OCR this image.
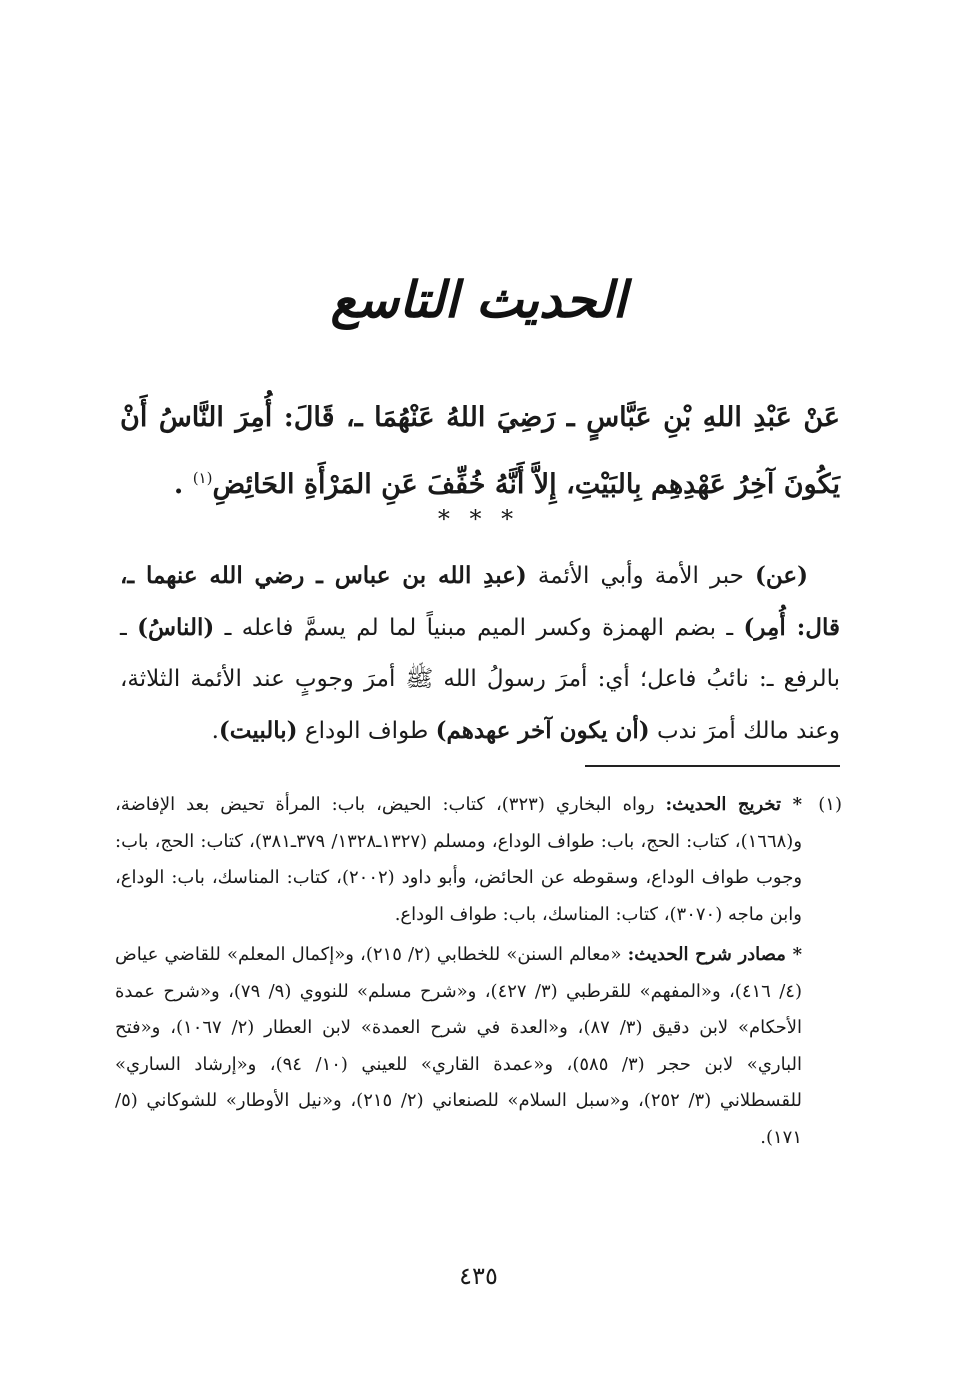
الحديث التاسع
عَنْ عَبْدِ اللهِ بْنِ عَبَّاسٍ ـ رَضِيَ اللهُ عَنْهُمَا ـ، قَالَ: أُمِرَ النَّاسُ أَنْ يَكُونَ آخِرُ عَهْدِهِم بِالبَيْتِ، إِلاَّ أَنَّهُ خُفِّفَ عَنِ المَرْأَةِ الحَائِضِ$^{(١)}$ .
* * *

(عن) حبر الأمة وأبي الأئمة (عبدِ الله بن عباس ـ رضي الله عنهما ـ، قال: أُمِر) ـ بضم الهمزة وكسر الميم مبنياً لما لم يسمَّ فاعله ـ (الناسُ) ـ بالرفع ـ: نائبُ فاعل؛ أي: أمرَ رسولُ الله ﷺ أمرَ وجوبٍ عند الأئمة الثلاثة، وعند مالك أمرَ ندب (أن يكون آخر عهدهم) طواف الوداع (بالبيت).

(١)
* تخريج الحديث: رواه البخاري (٣٢٣)، كتاب: الحيض، باب: المرأة تحيض بعد الإفاضة، و(١٦٦٨)، كتاب: الحج، باب: طواف الوداع، ومسلم (١٣٢٧ـ١٣٢٨/ ٣٧٩ـ٣٨١)، كتاب: الحج، باب: وجوب طواف الوداع، وسقوطه عن الحائض، وأبو داود (٢٠٠٢)، كتاب: المناسك، باب: الوداع، وابن ماجه (٣٠٧٠)، كتاب: المناسك، باب: طواف الوداع.
* مصادر شرح الحديث: «معالم السنن» للخطابي (٢/ ٢١٥)، و«إكمال المعلم» للقاضي عياض (٤/ ٤١٦)، و«المفهم» للقرطبي (٣/ ٤٢٧)، و«شرح مسلم» للنووي (٩/ ٧٩)، و«شرح عمدة الأحكام» لابن دقيق (٣/ ٨٧)، و«العدة في شرح العمدة» لابن العطار (٢/ ١٠٦٧)، و«فتح الباري» لابن حجر (٣/ ٥٨٥)، و«عمدة القاري» للعيني (١٠/ ٩٤)، و«إرشاد الساري» للقسطلاني (٣/ ٢٥٢)، و«سبل السلام» للصنعاني (٢/ ٢١٥)، و«نيل الأوطار» للشوكاني (٥/ ١٧١).
٤٣٥
